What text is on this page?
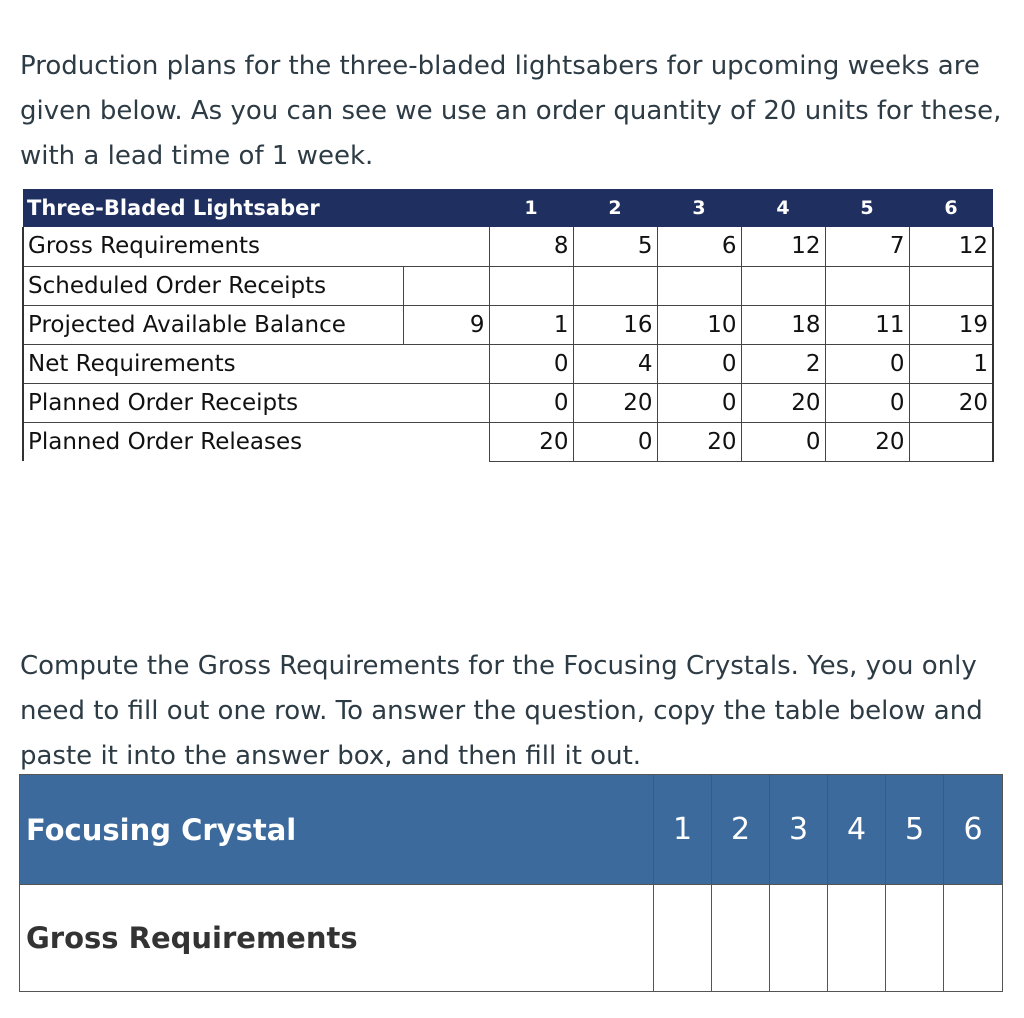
Production plans for the three-bladed lightsabers for upcoming weeks are given below. As you can see we use an order quantity of 20 units for these, with a lead time of 1 week.

Three-Bladed Lightsaber		1	2	3	4	5	6
Gross Requirements		8	5	6	12	7	12
Scheduled Order Receipts							
Projected Available Balance	9	1	16	10	18	11	19
Net Requirements		0	4	0	2	0	1
Planned Order Receipts		0	20	0	20	0	20
Planned Order Releases		20	0	20	0	20	

Compute the Gross Requirements for the Focusing Crystals. Yes, you only need to fill out one row. To answer the question, copy the table below and paste it into the answer box, and then fill it out.

Focusing Crystal	1	2	3	4	5	6
Gross Requirements						
